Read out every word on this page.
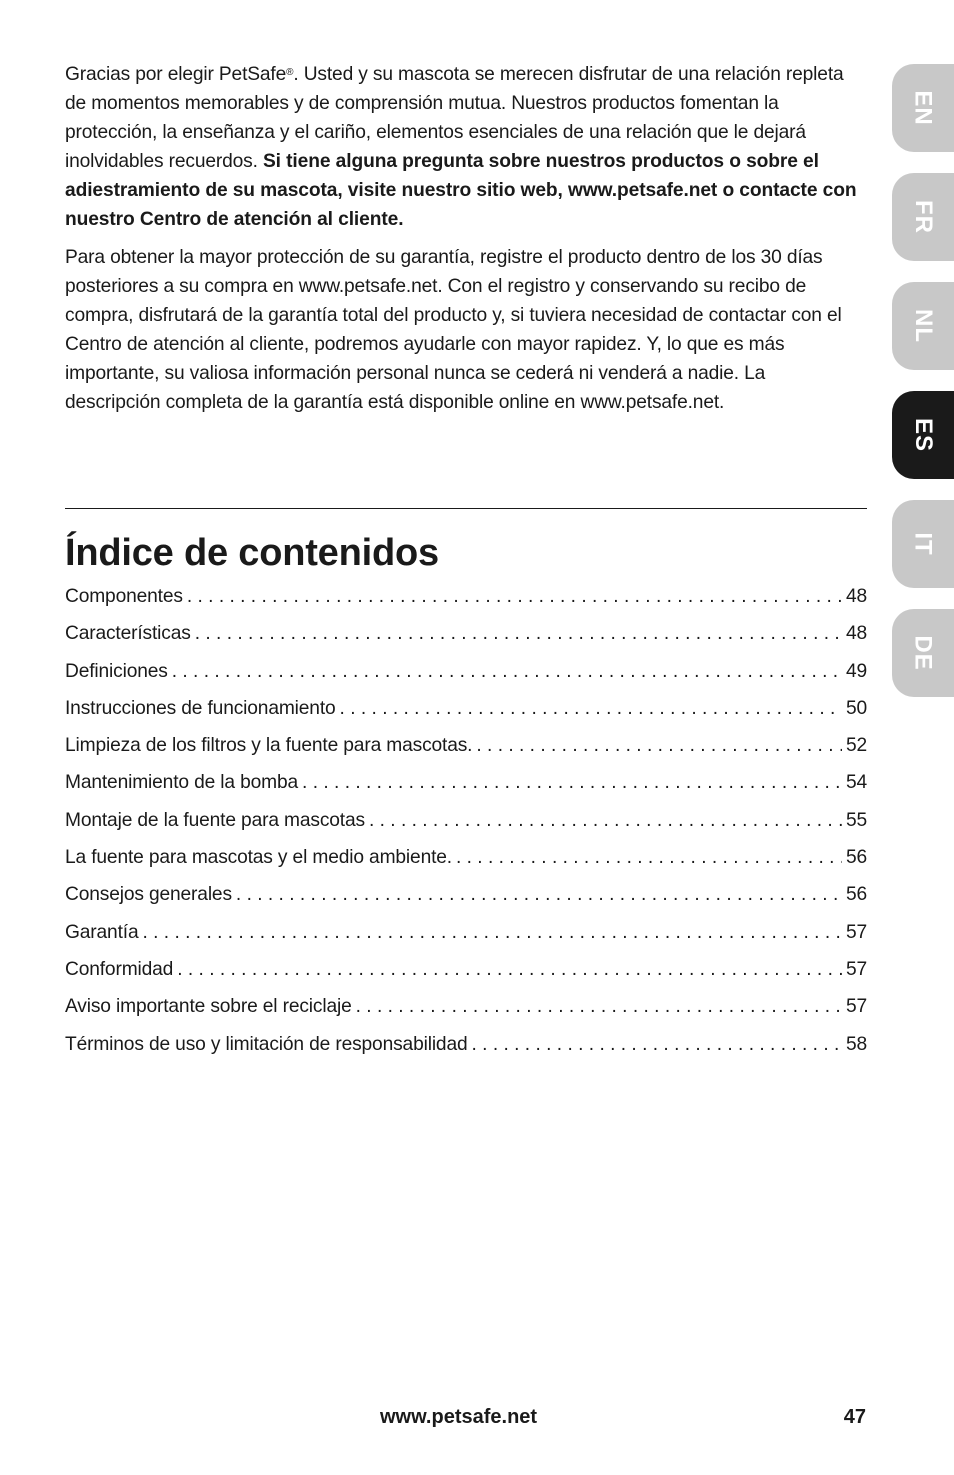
Gracias por elegir PetSafe®. Usted y su mascota se merecen disfrutar de una relación repleta de momentos memorables y de comprensión mutua. Nuestros productos fomentan la protección, la enseñanza y el cariño, elementos esenciales de una relación que le dejará inolvidables recuerdos. Si tiene alguna pregunta sobre nuestros productos o sobre el adiestramiento de su mascota, visite nuestro sitio web, www.petsafe.net o contacte con nuestro Centro de atención al cliente.

Para obtener la mayor protección de su garantía, registre el producto dentro de los 30 días posteriores a su compra en www.petsafe.net. Con el registro y conservando su recibo de compra, disfrutará de la garantía total del producto y, si tuviera necesidad de contactar con el Centro de atención al cliente, podremos ayudarle con mayor rapidez. Y, lo que es más importante, su valiosa información personal nunca se cederá ni venderá a nadie. La descripción completa de la garantía está disponible online en www.petsafe.net.

Índice de contenidos
Componentes . . .	48
Características . . .	48
Definiciones . . .	49
Instrucciones de funcionamiento . . .	50
Limpieza de los filtros y la fuente para mascotas. . . .	52
Mantenimiento de la bomba . . .	54
Montaje de la fuente para mascotas . . .	55
La fuente para mascotas y el medio ambiente. . . .	56
Consejos generales . . .	56
Garantía . . .	57
Conformidad . . .	57
Aviso importante sobre el reciclaje . . .	57
Términos de uso y limitación de responsabilidad . . .	58
EN
FR
NL
ES
IT
DE
www.petsafe.net	47
